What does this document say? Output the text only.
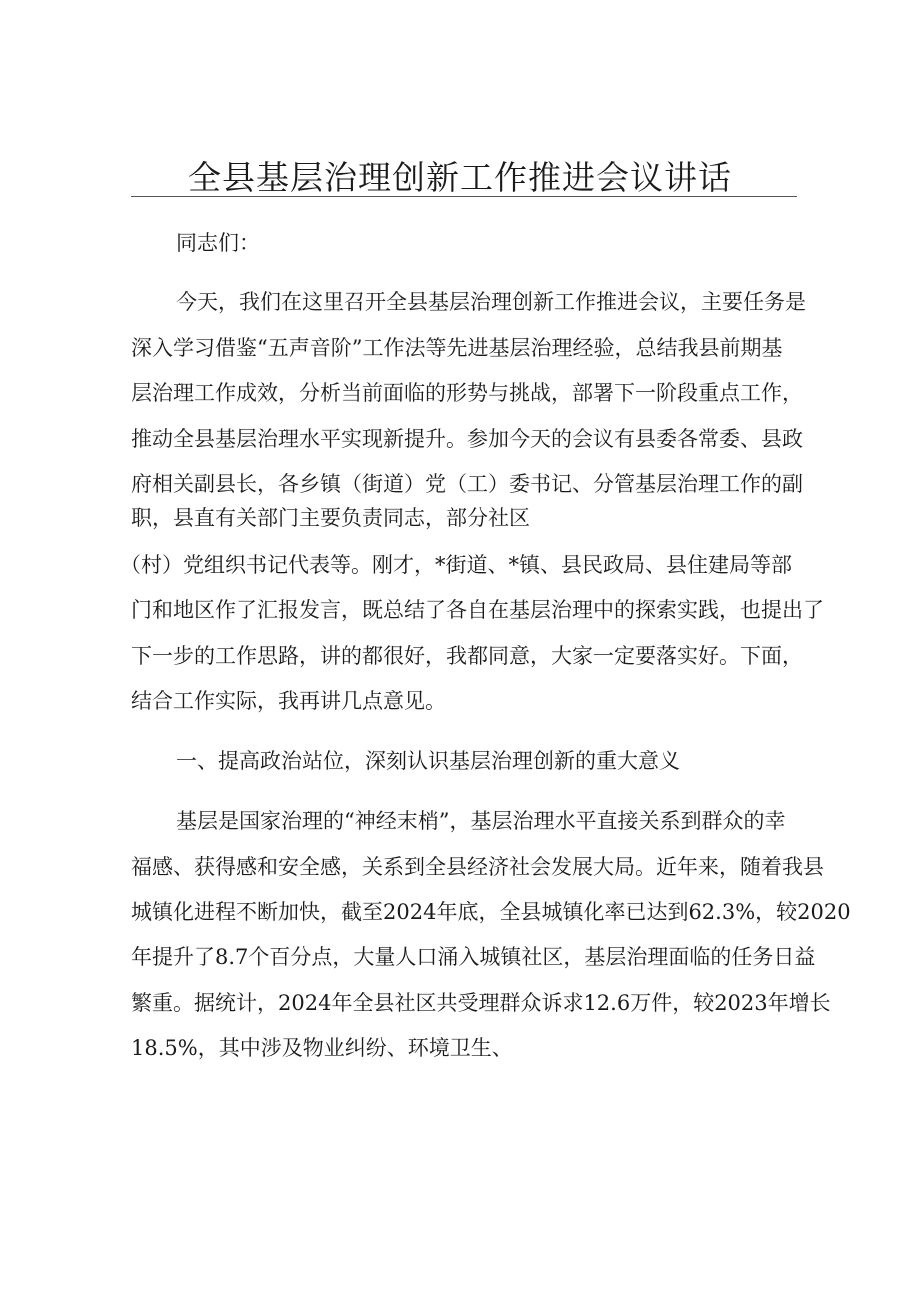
全县基层治理创新工作推进会议讲话
同志们：
今天，我们在这里召开全县基层治理创新工作推进会议，主要任务是
深入学习借鉴“五声音阶”工作法等先进基层治理经验，总结我县前期基
层治理工作成效，分析当前面临的形势与挑战，部署下一阶段重点工作，
推动全县基层治理水平实现新提升。参加今天的会议有县委各常委、县政
府相关副县长，各乡镇（街道）党（工）委书记、分管基层治理工作的副
职，县直有关部门主要负责同志，部分社区
（村）党组织书记代表等。刚才，*街道、*镇、县民政局、县住建局等部
门和地区作了汇报发言，既总结了各自在基层治理中的探索实践，也提出了
下一步的工作思路，讲的都很好，我都同意，大家一定要落实好。下面，
结合工作实际，我再讲几点意见。
一、提高政治站位，深刻认识基层治理创新的重大意义
基层是国家治理的“神经末梢”，基层治理水平直接关系到群众的幸
福感、获得感和安全感，关系到全县经济社会发展大局。近年来，随着我县
城镇化进程不断加快，截至2024年底，全县城镇化率已达到62.3%，较2020
年提升了8.7个百分点，大量人口涌入城镇社区，基层治理面临的任务日益
繁重。据统计，2024年全县社区共受理群众诉求12.6万件，较2023年增长
18.5%，其中涉及物业纠纷、环境卫生、
